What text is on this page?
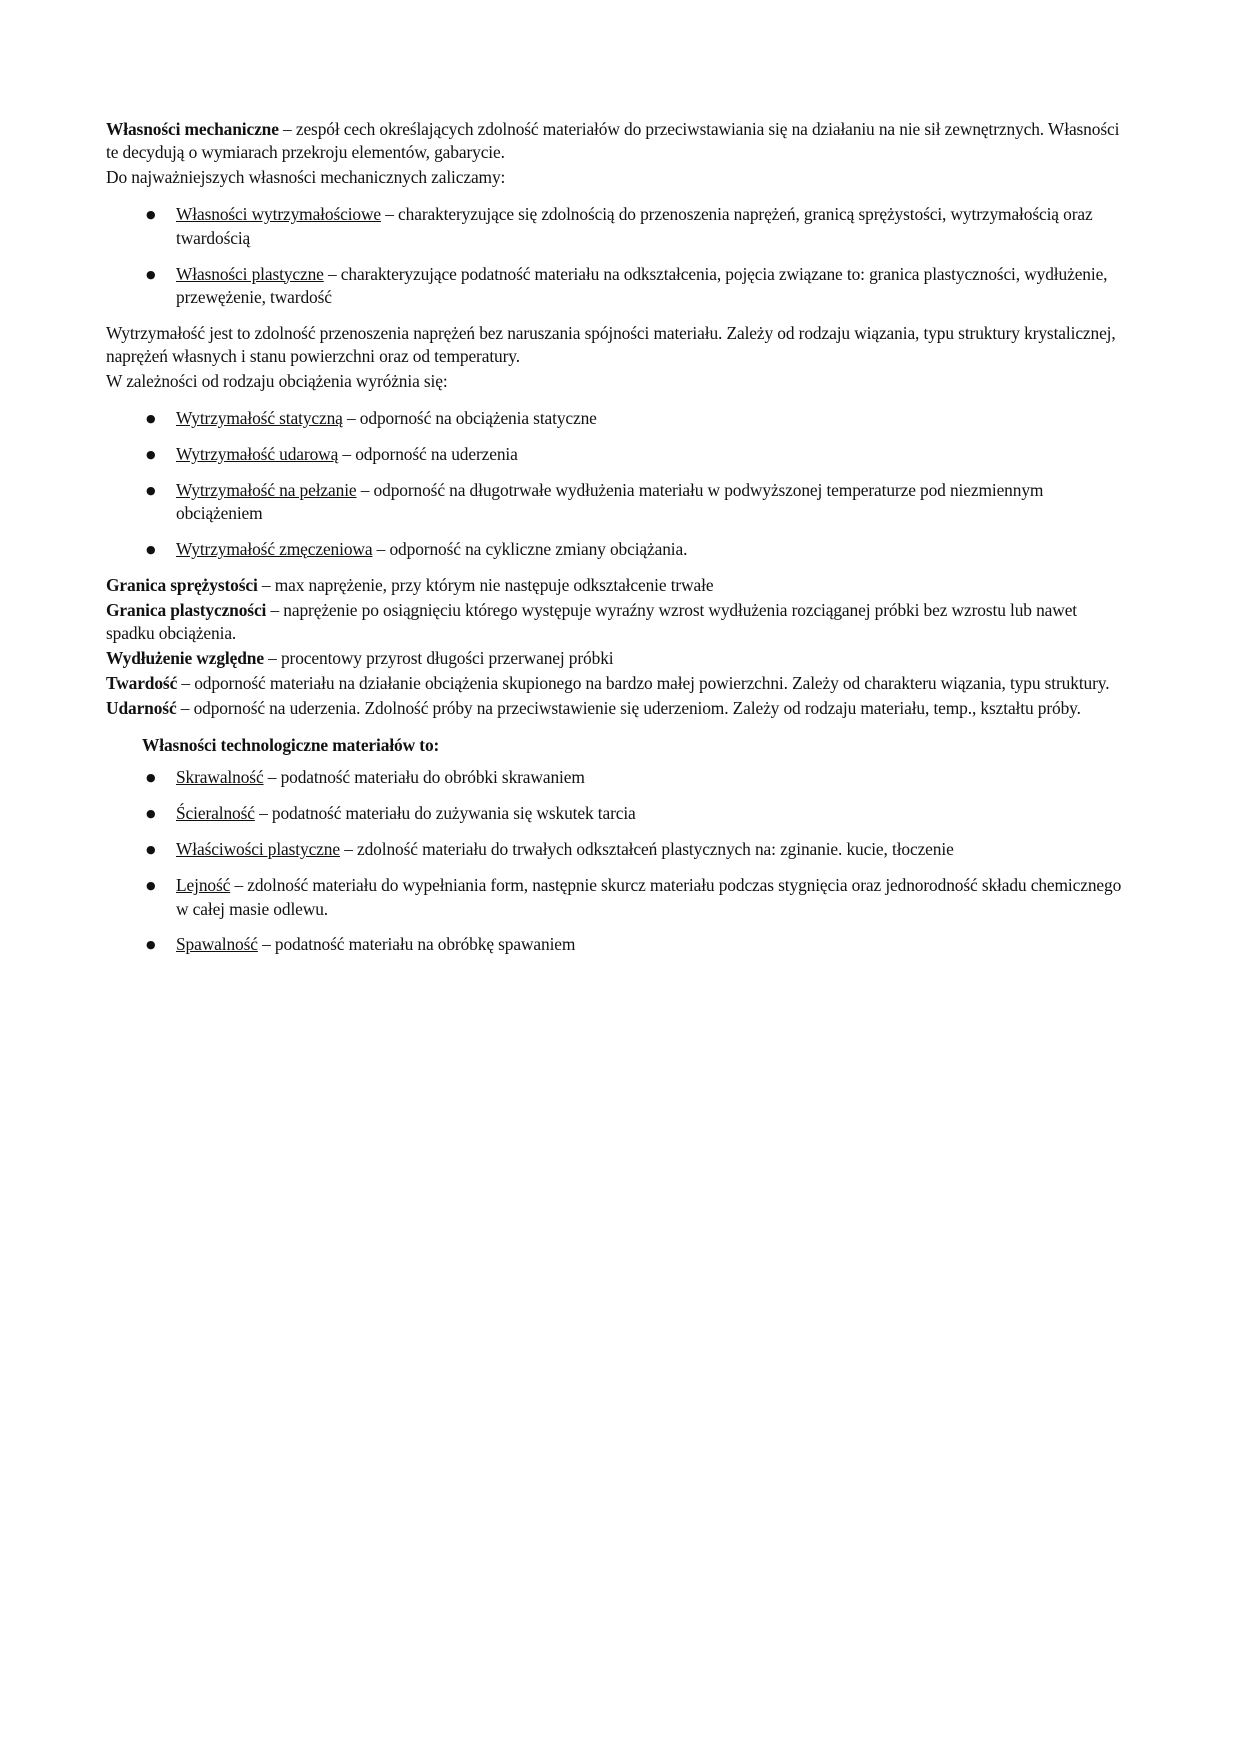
Własności mechaniczne – zespół cech określających zdolność materiałów do przeciwstawiania się na działaniu na nie sił zewnętrznych. Własności te decydują o wymiarach przekroju elementów, gabarycie.

Do najważniejszych własności mechanicznych zaliczamy:

● Własności wytrzymałościowe – charakteryzujące się zdolnością do przenoszenia naprężeń, granicą sprężystości, wytrzymałością oraz twardością
● Własności plastyczne – charakteryzujące podatność materiału na odkształcenia, pojęcia związane to: granica plastyczności, wydłużenie, przewężenie, twardość

Wytrzymałość jest to zdolność przenoszenia naprężeń bez naruszania spójności materiału. Zależy od rodzaju wiązania, typu struktury krystalicznej, naprężeń własnych i stanu powierzchni oraz od temperatury.

W zależności od rodzaju obciążenia wyróżnia się:

● Wytrzymałość statyczną – odporność na obciążenia statyczne
● Wytrzymałość udarową – odporność na uderzenia
● Wytrzymałość na pełzanie – odporność na długotrwałe wydłużenia materiału w podwyższonej temperaturze pod niezmiennym obciążeniem
● Wytrzymałość zmęczeniowa – odporność na cykliczne zmiany obciążania.

Granica sprężystości – max naprężenie, przy którym nie następuje odkształcenie trwałe

Granica plastyczności – naprężenie po osiągnięciu którego występuje wyraźny wzrost wydłużenia rozciąganej próbki bez wzrostu lub nawet spadku obciążenia.

Wydłużenie względne – procentowy przyrost długości przerwanej próbki

Twardość – odporność materiału na działanie obciążenia skupionego na bardzo małej powierzchni. Zależy od charakteru wiązania, typu struktury.

Udarność – odporność na uderzenia. Zdolność próby na przeciwstawienie się uderzeniom. Zależy od rodzaju materiału, temp., kształtu próby.

Własności technologiczne materiałów to:

● Skrawalność – podatność materiału do obróbki skrawaniem
● Ścieralność – podatność materiału do zużywania się wskutek tarcia
● Właściwości plastyczne – zdolność materiału do trwałych odkształceń plastycznych na: zginanie. kucie, tłoczenie
● Lejność – zdolność materiału do wypełniania form, następnie skurcz materiału podczas stygnięcia oraz jednorodność składu chemicznego w całej masie odlewu.
● Spawalność – podatność materiału na obróbkę spawaniem
